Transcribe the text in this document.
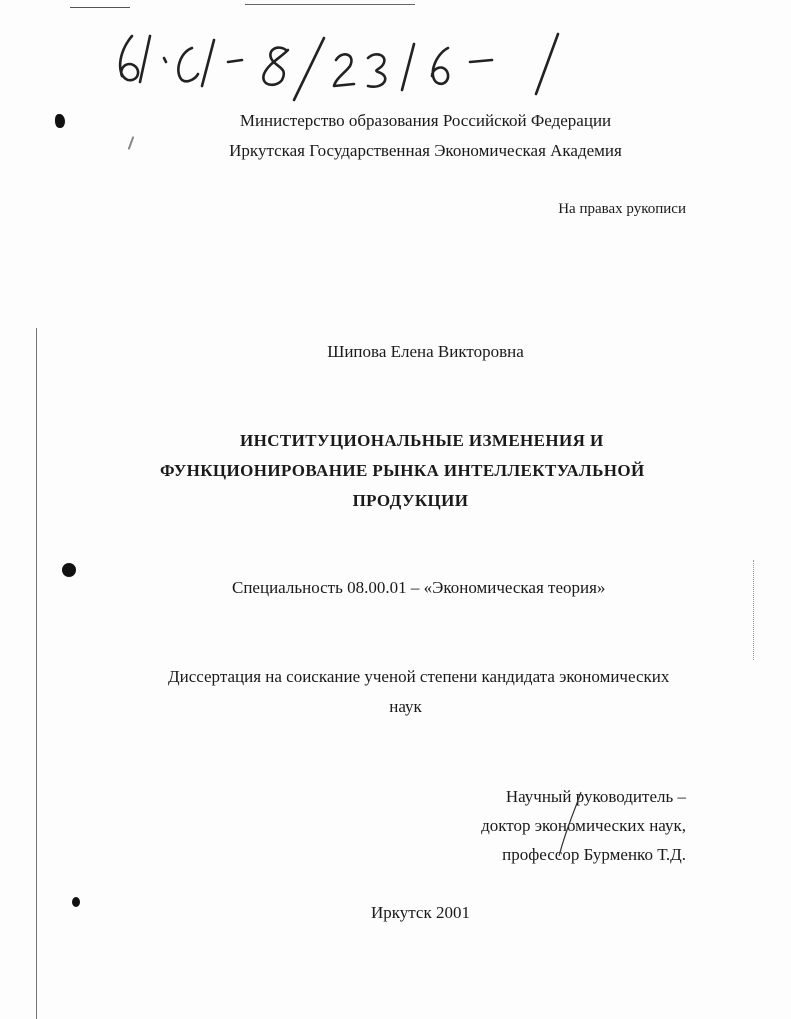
Министерство образования Российской Федерации
Иркутская Государственная Экономическая Академия
На правах рукописи
Шипова Елена Викторовна
ИНСТИТУЦИОНАЛЬНЫЕ ИЗМЕНЕНИЯ И
ФУНКЦИОНИРОВАНИЕ РЫНКА ИНТЕЛЛЕКТУАЛЬНОЙ
ПРОДУКЦИИ
Специальность 08.00.01 – «Экономическая теория»
Диссертация на соискание ученой степени кандидата экономических
наук
Научный руководитель –
доктор экономических наук,
профессор Бурменко Т.Д.
Иркутск 2001
